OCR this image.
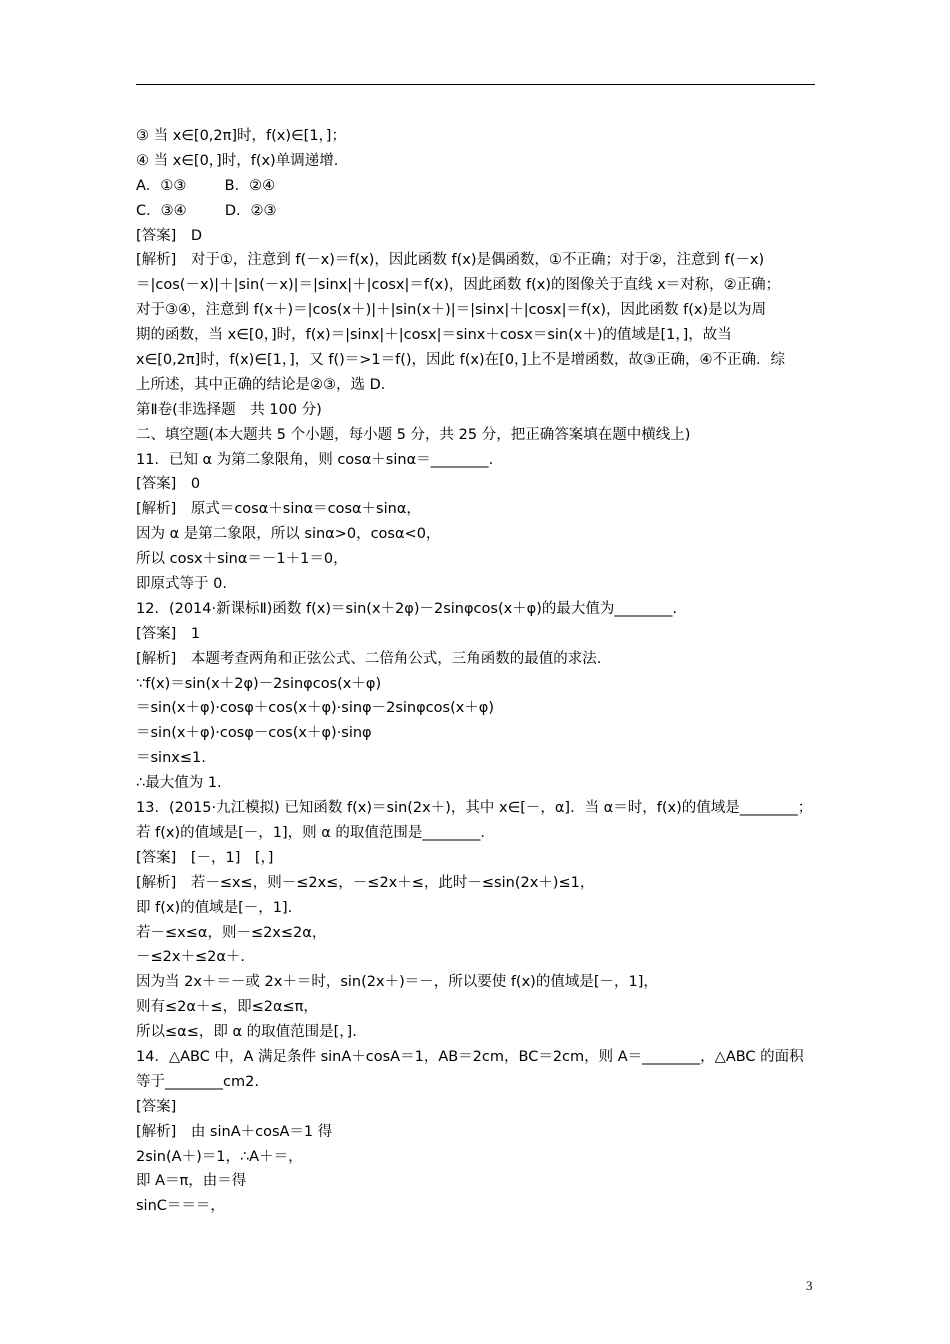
③ 当 x∈[0,2π]时，f(x)∈[1，]；
④ 当 x∈[0，]时，f(x)单调递增.
A．①③　　  B．②④
C．③④　　  D．②③
[答案]　D
[解析]　对于①，注意到 f(－x)＝f(x)，因此函数 f(x)是偶函数，①不正确；对于②，注意到 f(－x)
＝|cos(－x)|＋|sin(－x)|＝|sinx|＋|cosx|＝f(x)，因此函数 f(x)的图像关于直线 x＝对称，②正确；
对于③④，注意到 f(x＋)＝|cos(x＋)|＋|sin(x＋)|＝|sinx|＋|cosx|＝f(x)，因此函数 f(x)是以为周
期的函数，当 x∈[0，]时，f(x)＝|sinx|＋|cosx|＝sinx＋cosx＝sin(x＋)的值域是[1，]，故当
x∈[0,2π]时，f(x)∈[1，]，又 f()＝>1＝f()，因此 f(x)在[0，]上不是增函数，故③正确，④不正确．综
上所述，其中正确的结论是②③，选 D．
第Ⅱ卷(非选择题　共 100 分)
二、填空题(本大题共 5 个小题，每小题 5 分，共 25 分，把正确答案填在题中横线上)
11．已知 α 为第二象限角，则 cosα＋sinα＝________.
[答案]　0
[解析]　原式＝cosα＋sinα＝cosα＋sinα，
因为 α 是第二象限，所以 sinα>0，cosα<0，
所以 cosx＋sinα＝－1＋1＝0，
即原式等于 0.
12．(2014·新课标Ⅱ)函数 f(x)＝sin(x＋2φ)－2sinφcos(x＋φ)的最大值为________.
[答案]　1
[解析]　本题考查两角和正弦公式、二倍角公式，三角函数的最值的求法.
∵f(x)＝sin(x＋2φ)－2sinφcos(x＋φ)
＝sin(x＋φ)·cosφ＋cos(x＋φ)·sinφ－2sinφcos(x＋φ)
＝sin(x＋φ)·cosφ－cos(x＋φ)·sinφ
＝sinx≤1.
∴最大值为 1.
13．(2015·九江模拟) 已知函数 f(x)＝sin(2x＋)，其中 x∈[－，α]．当 α＝时，f(x)的值域是________；
若 f(x)的值域是[－，1]，则 α 的取值范围是________．
[答案]　[－，1]　[，]
[解析]　若－≤x≤，则－≤2x≤，－≤2x＋≤，此时－≤sin(2x＋)≤1，
即 f(x)的值域是[－，1].
若－≤x≤α，则－≤2x≤2α，
－≤2x＋≤2α＋.
因为当 2x＋＝－或 2x＋＝时，sin(2x＋)＝－，所以要使 f(x)的值域是[－，1]，
则有≤2α＋≤，即≤2α≤π，
所以≤α≤，即 α 的取值范围是[，].
14．△ABC 中，A 满足条件 sinA＋cosA＝1，AB＝2cm，BC＝2cm，则 A＝________，△ABC 的面积
等于________cm2.
[答案]
[解析]　由 sinA＋cosA＝1 得
2sin(A＋)＝1，∴A＋＝，
即 A＝π，由＝得
sinC＝＝＝，
3
